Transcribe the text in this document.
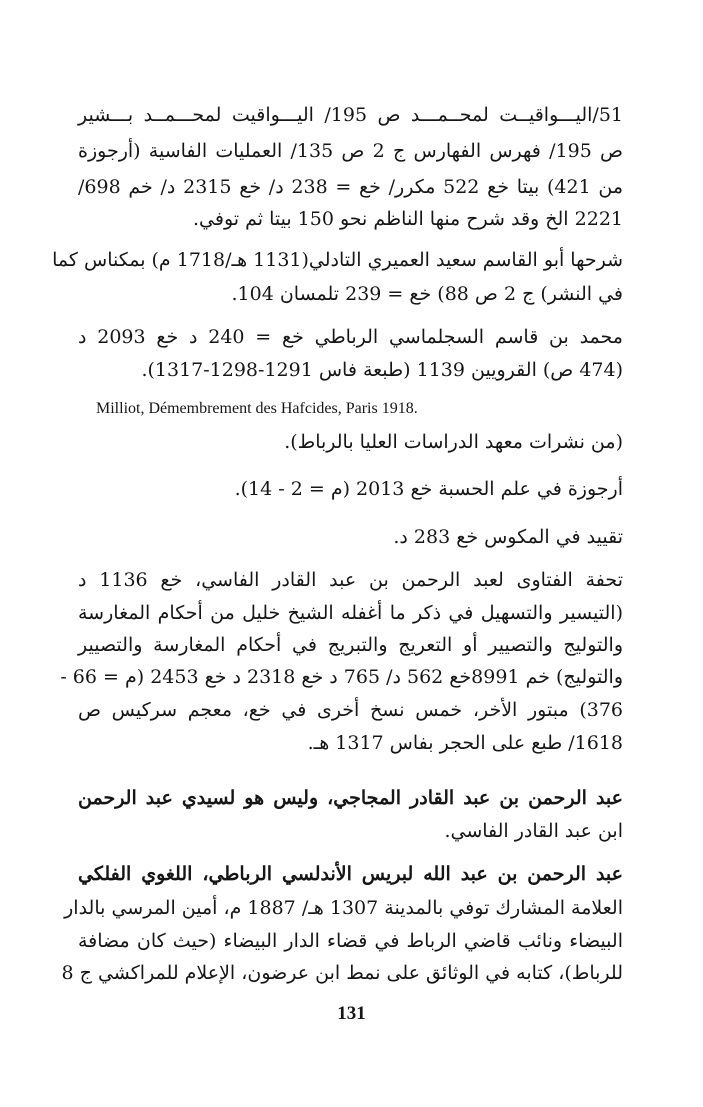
51/اليـــواقيــت لمحــمـــد ص 195/ اليـــواقيت لمحـــمــد بـــشير

ص 195/ فهرس الفهارس ج 2 ص 135/ العمليات الفاسية (أرجوزة

من 421) بيتا خع 522 مكرر/ خع = 238 د/ خع 2315 د/ خم 698/

2221 الخ وقد شرح منها الناظم نحو 150 بيتا ثم توفي.

شرحها أبو القاسم سعيد العميري التادلي(1131 هـ/1718 م) بمكناس كما

في النشر) ج 2 ص 88) خع = 239 تلمسان 104.

محمد بن قاسم السجلماسي الرباطي خع = 240 د خع 2093 د

(474 ص) القرويين 1139 (طبعة فاس 1291-1298-1317).

Milliot, Démembrement des Hafcides, Paris 1918.

(من نشرات معهد الدراسات العليا بالرباط).

أرجوزة في علم الحسبة خع 2013 (م = 2 - 14).

تقييد في المكوس خع 283 د.

تحفة الفتاوى لعبد الرحمن بن عبد القادر الفاسي، خع 1136 د

(التيسير والتسهيل في ذكر ما أغفله الشيخ خليل من أحكام المغارسة

والتوليج والتصيير أو التعريج والتبريج في أحكام المغارسة والتصيير

والتوليج) خم 8991خع 562 د/ 765 د خع 2318 د خع 2453 (م = 66 -

376) مبتور الأخر، خمس نسخ أخرى في خع، معجم سركيس ص

1618/ طبع على الحجر بفاس 1317 هـ.

عبد الرحمن بن عبد القادر المجاجي، وليس هو لسيدي عبد الرحمن

ابن عبد القادر الفاسي.

عبد الرحمن بن عبد الله لبريس الأندلسي الرباطي، اللغوي الفلكي

العلامة المشارك توفي بالمدينة 1307 هـ/ 1887 م، أمين المرسي بالدار

البيضاء ونائب قاضي الرباط في قضاء الدار البيضاء (حيث كان مضافة

للرباط)، كتابه في الوثائق على نمط ابن عرضون، الإعلام للمراكشي ج 8

131
